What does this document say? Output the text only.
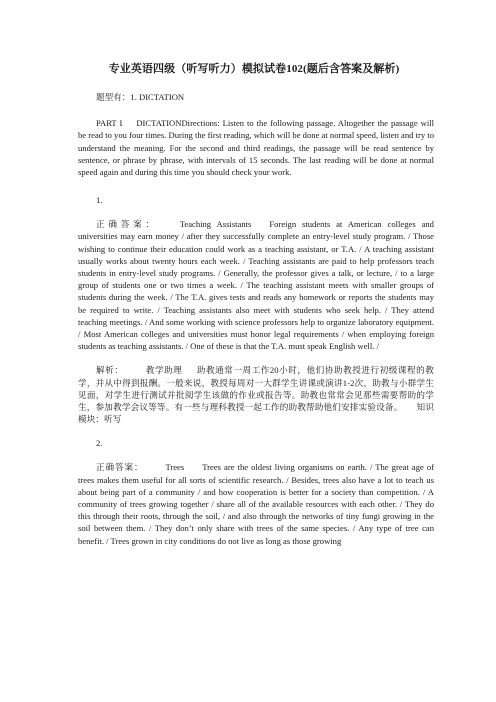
专业英语四级（听写听力）模拟试卷102(题后含答案及解析)

题型有：1. DICTATION

PART I DICTATIONDirections: Listen to the following passage. Altogether the passage will be read to you four times. During the first reading, which will be done at normal speed, listen and try to understand the meaning. For the second and third readings, the passage will be read sentence by sentence, or phrase by phrase, with intervals of 15 seconds. The last reading will be done at normal speed again and during this time you should check your work.

1.

正确答案：	Teaching Assistants Foreign students at American colleges and universities may earn money / after they successfully complete an entry-level study program. / Those wishing to continue their education could work as a teaching assistant, or T.A. / A teaching assistant usually works about twenty hours each week. / Teaching assistants are paid to help professors teach students in entry-level study programs. / Generally, the professor gives a talk, or lecture, / to a large group of students one or two times a week. / The teaching assistant meets with smaller groups of students during the week. / The T.A. gives tests and reads any homework or reports the students may be required to write. / Teaching assistants also meet with students who seek help. / They attend teaching meetings. / And some working with science professors help to organize laboratory equipment. / Most American colleges and universities must honor legal requirements / when employing foreign students as teaching assistants. / One of these is that the T.A. must speak English well. /

解析：	教学助理 助教通常一周工作20小时，他们协助教授进行初级课程的教学，并从中得到报酬。一般来说，教授每周对一大群学生讲课或演讲1-2次，助教与小群学生见面，对学生进行测试并批阅学生该做的作业或报告等。助教也常常会见那些需要帮助的学生，参加教学会议等等。有一些与理科教授一起工作的助教帮助他们安排实验设备。 知识模块：听写

2.

正确答案：	Trees Trees are the oldest living organisms on earth. / The great age of trees makes them useful for all sorts of scientific research. / Besides, trees also have a lot to teach us about being part of a community / and how cooperation is better for a society than competition. / A community of trees growing together / share all of the available resources with each other. / They do this through their roots, through the soil, / and also through the networks of tiny fungi growing in the soil between them. / They don’t only share with trees of the same species. / Any type of tree can benefit. / Trees grown in city conditions do not live as long as those growing
